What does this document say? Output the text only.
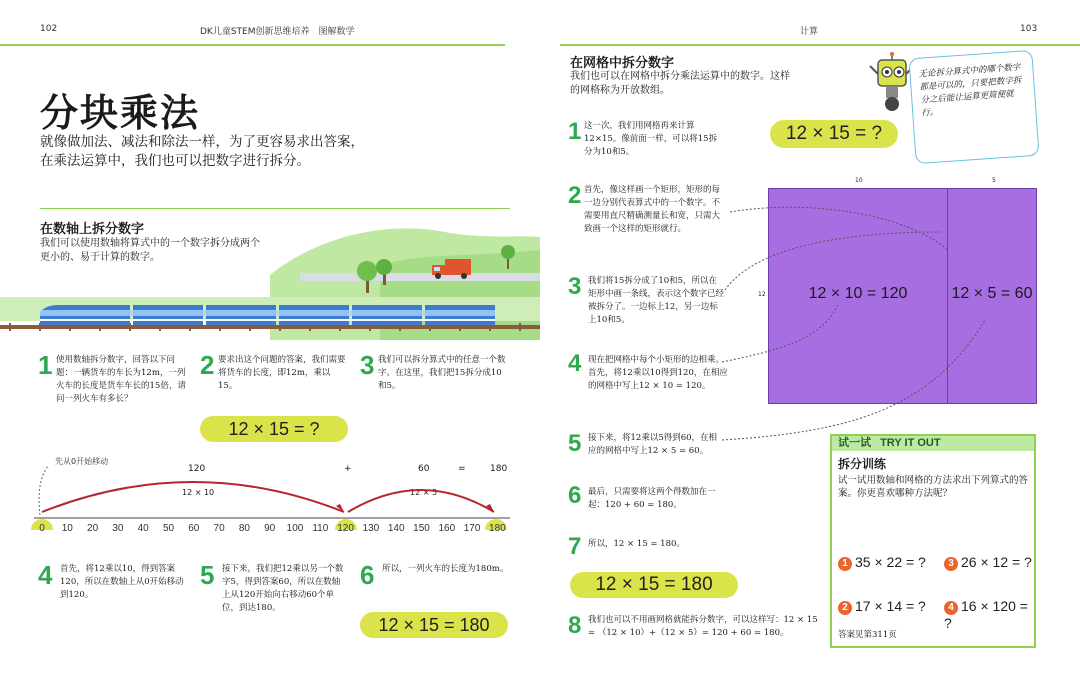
102	DK儿童STEM创新思维培养　图解数学	计算	103
分块乘法
就像做加法、减法和除法一样，为了更容易求出答案，在乘法运算中，我们也可以把数字进行拆分。
在数轴上拆分数字
我们可以使用数轴将算式中的一个数字拆分成两个更小的、易于计算的数字。
1 使用数轴拆分数字，回答以下问题：一辆货车的车长为12m，一列火车的长度是货车车长的15倍，请问一列火车有多长？
2 要求出这个问题的答案，我们需要将货车的长度，即12m，乘以15。
3 我们可以拆分算式中的任意一个数字。在这里，我们把15拆分成10和5。
12 × 15 = ?
先从0开始移动
120	+	60	=	180
12 × 10	12 × 5
0	10	20	30	40	50	60	70	80	90	100 110 120 130 140 150 160 170 180
4 首先，将12乘以10，得到答案120，所以在数轴上从0开始移动到120。
5 接下来，我们把12乘以另一个数字5，得到答案60，所以在数轴上从120开始向右移动60个单位，到达180。
6 所以，一列火车的长度为180m。
12 × 15 = 180
在网格中拆分数字
我们也可以在网格中拆分乘法运算中的数字。这样的网格称为开放数组。
1 这一次，我们用网格再来计算12×15。像前面一样，可以将15拆分为10和5。
2 首先，像这样画一个矩形，矩形的每一边分别代表算式中的一个数字。不需要用直尺精确测量长和宽，只需大致画一个这样的矩形就行。
3 我们将15拆分成了10和5，所以在矩形中画一条线，表示这个数字已经被拆分了。一边标上12，另一边标上10和5。
4 现在把网格中每个小矩形的边相乘。首先，将12乘以10得到120，在相应的网格中写上12 × 10 = 120。
5 接下来，将12乘以5得到60，在相应的网格中写上12 × 5 = 60。
6 最后，只需要将这两个得数加在一起：120 + 60 = 180。
7 所以，12 × 15 = 180。
12 × 15 = 180
8 我们也可以不用画网格就能拆分数字，可以这样写：12 × 15 = （12 × 10）+（12 × 5）= 120 + 60 = 180。
12 × 15 = ?
无论拆分算式中的哪个数字都是可以的，只要把数字拆分之后能让运算更简便就行。
10	5
12	12 × 10 = 120	12 × 5 = 60
试一试 TRY IT OUT
拆分训练
试一试用数轴和网格的方法求出下列算式的答案。你更喜欢哪种方法呢？
1 35 × 22 = ?	3 26 × 12 = ?
2 17 × 14 = ?	4 16 × 120 = ?
答案见第311页
